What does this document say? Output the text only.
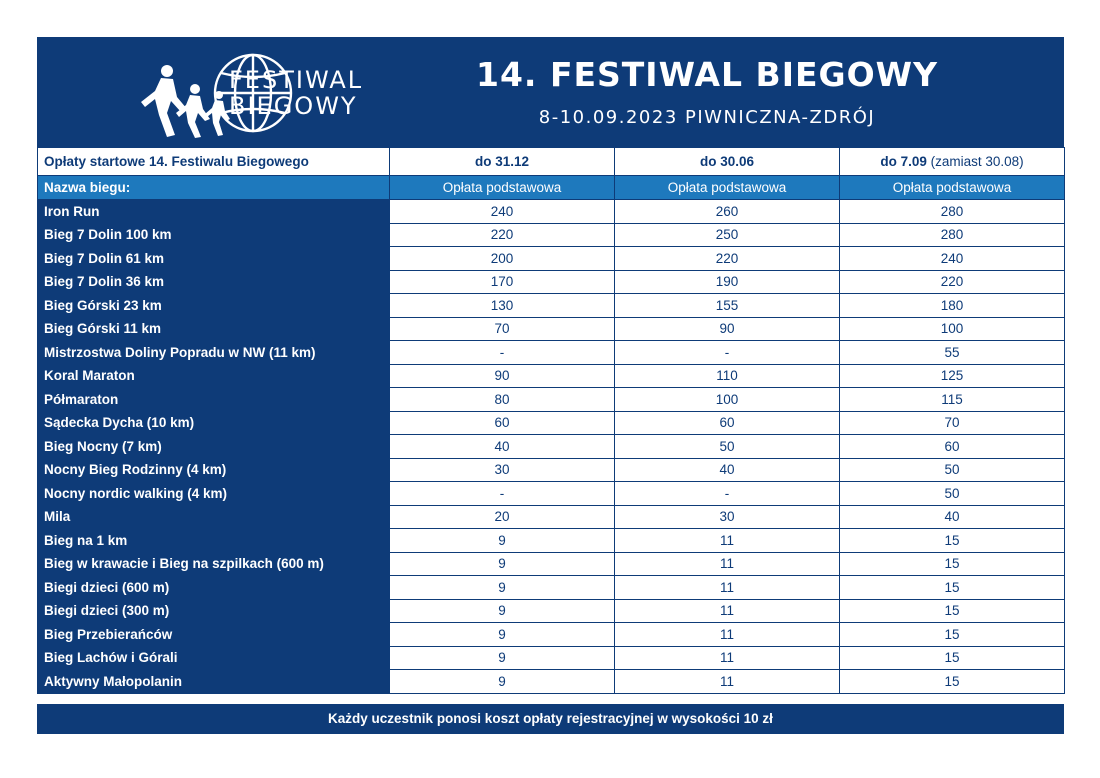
FESTIWAL
BIEGOWY
14. FESTIWAL BIEGOWY
8-10.09.2023 PIWNICZNA-ZDRÓJ
Opłaty startowe 14. Festiwalu Biegowego	do 31.12	do 30.06	do 7.09 (zamiast 30.08)
Nazwa biegu:	Opłata podstawowa	Opłata podstawowa	Opłata podstawowa
Iron Run	240	260	280
Bieg 7 Dolin 100 km	220	250	280
Bieg 7 Dolin 61 km	200	220	240
Bieg 7 Dolin 36 km	170	190	220
Bieg Górski 23 km	130	155	180
Bieg Górski 11 km	70	90	100
Mistrzostwa Doliny Popradu w NW (11 km)	-	-	55
Koral Maraton	90	110	125
Półmaraton	80	100	115
Sądecka Dycha (10 km)	60	60	70
Bieg Nocny (7 km)	40	50	60
Nocny Bieg Rodzinny (4 km)	30	40	50
Nocny nordic walking (4 km)	-	-	50
Mila	20	30	40
Bieg na 1 km	9	11	15
Bieg w krawacie i Bieg na szpilkach (600 m)	9	11	15
Biegi dzieci (600 m)	9	11	15
Biegi dzieci (300 m)	9	11	15
Bieg Przebierańców	9	11	15
Bieg Lachów i Górali	9	11	15
Aktywny Małopolanin	9	11	15
Każdy uczestnik ponosi koszt opłaty rejestracyjnej w wysokości 10 zł
